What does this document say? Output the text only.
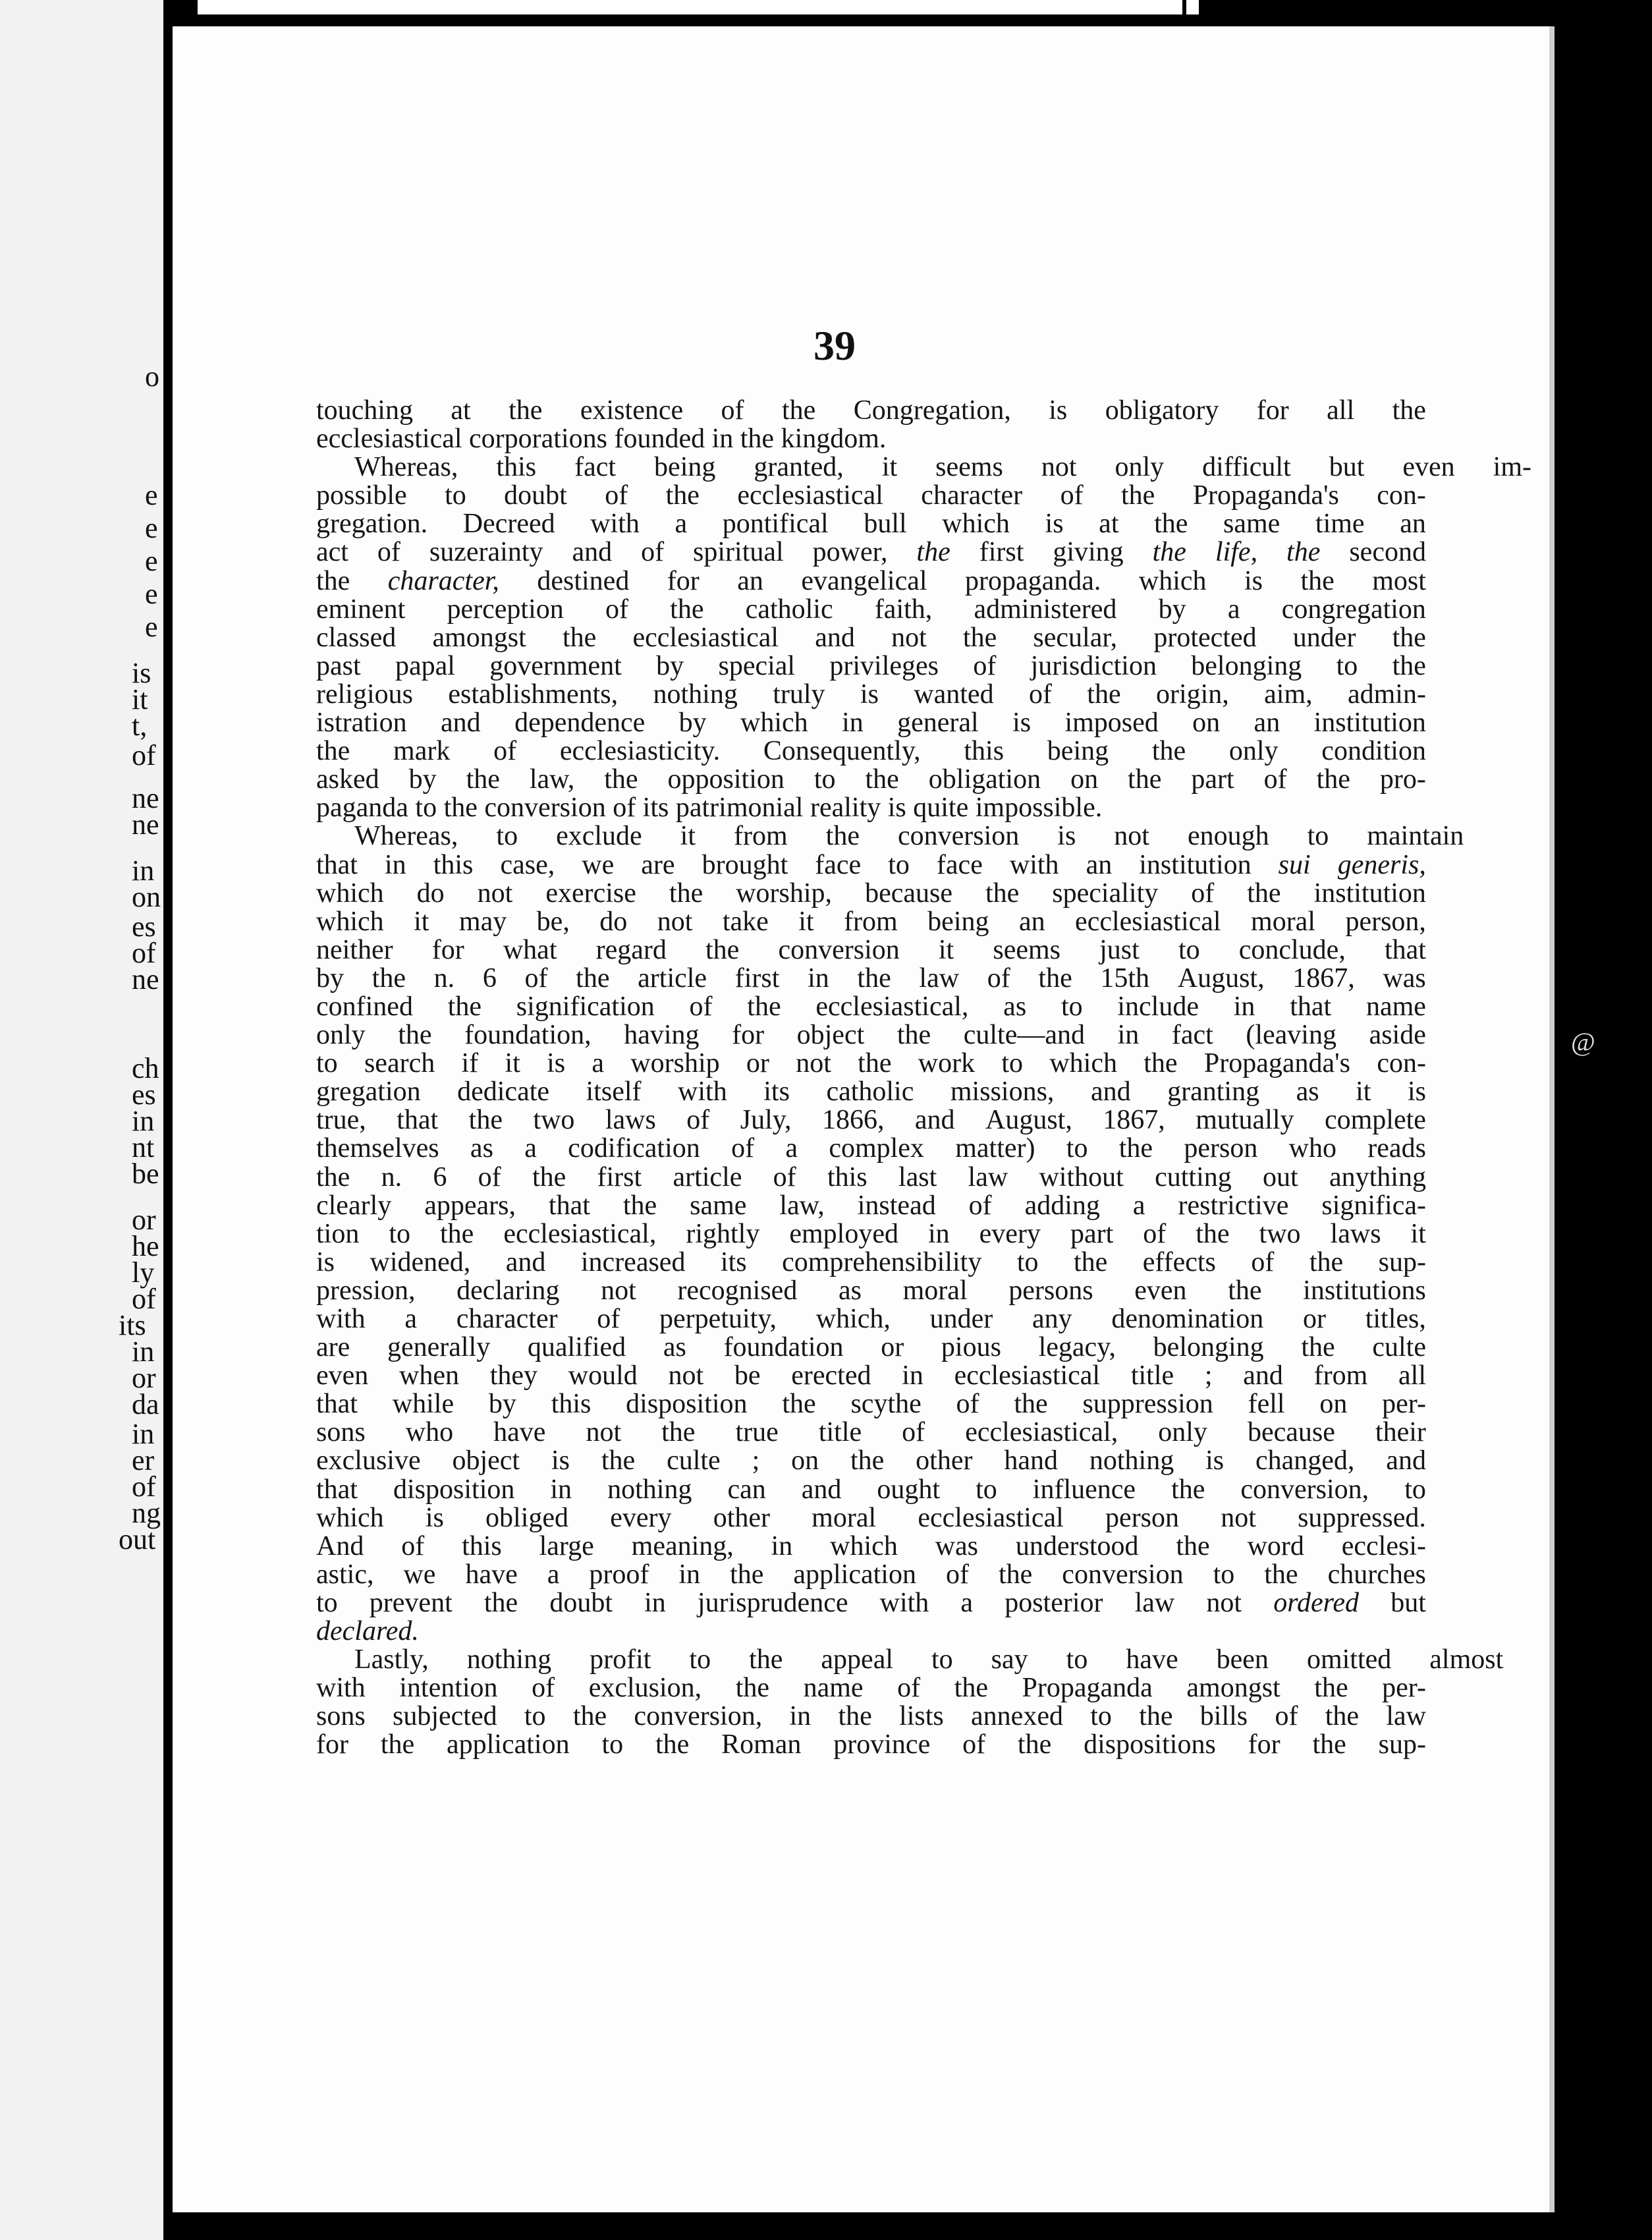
o
e
e
e
e
e
is
it
t,
of
ne
ne
in
on
es
of
ne
ch
es
in
nt
be
or
he
ly
of
its
in
or
da
in
er
of
ng
out
39
touching at the existence of the Congregation, is obligatory for all the
ecclesiastical corporations founded in the kingdom.
Whereas,	this	fact	being	granted,	it	seems	not	only	difficult	but	even	im-
possible to doubt of the ecclesiastical character of the Propaganda's con-
gregation. Decreed with a pontifical bull which is at the same time an
act of suzerainty and of spiritual power, the first giving the life, the second
the character, destined for an evangelical propaganda. which is the most
eminent perception of the catholic faith, administered by a congregation
classed amongst the ecclesiastical and not the secular, protected under the
past papal government by special privileges of jurisdiction belonging to the
religious establishments, nothing truly is wanted of the origin, aim, admin-
istration and dependence by which in general is imposed on an institution
the mark of ecclesiasticity. Consequently, this being the only condition
asked by the law, the opposition to the obligation on the part of the pro-
paganda to the conversion of its patrimonial reality is quite impossible.
Whereas,	to	exclude	it	from	the	conversion	is	not	enough	to	maintain
that in this case, we are brought face to face with an institution sui generis,
which do not exercise the worship, because the speciality of the institution
which it may be, do not take it from being an ecclesiastical moral person,
neither for what regard the conversion it seems just to conclude, that
by the n. 6 of the article first in the law of the 15th August, 1867, was
confined the signification of the ecclesiastical, as to include in that name
only the foundation, having for object the culte—and in fact (leaving aside
to search if it is a worship or not the work to which the Propaganda's con-
gregation dedicate itself with its catholic missions, and granting as it is
true, that the two laws of July, 1866, and August, 1867, mutually complete
themselves as a codification of a complex matter) to the person who reads
the n. 6 of the first article of this last law without cutting out anything
clearly appears, that the same law, instead of adding a restrictive significa-
tion to the ecclesiastical, rightly employed in every part of the two laws it
is widened, and increased its comprehensibility to the effects of the sup-
pression, declaring not recognised as moral persons even the institutions
with a character of perpetuity, which, under any denomination or titles,
are generally qualified as foundation or pious legacy, belonging the culte
even when they would not be erected in ecclesiastical title ; and from all
that while by this disposition the scythe of the suppression fell on per-
sons who have not the true title of ecclesiastical, only because their
exclusive object is the culte ; on the other hand nothing is changed, and
that disposition in nothing can and ought to influence the conversion, to
which is obliged every other moral ecclesiastical person not suppressed.
And of this large meaning, in which was understood the word ecclesi-
astic, we have a proof in the application of the conversion to the churches
to prevent the doubt in jurisprudence with a posterior law not ordered but
declared.
Lastly,	nothing	profit	to	the	appeal	to	say	to	have	been	omitted	almost
with intention of exclusion, the name of the Propaganda amongst the per-
sons subjected to the conversion, in the lists annexed to the bills of the law
for the application to the Roman province of the dispositions for the sup-
@
